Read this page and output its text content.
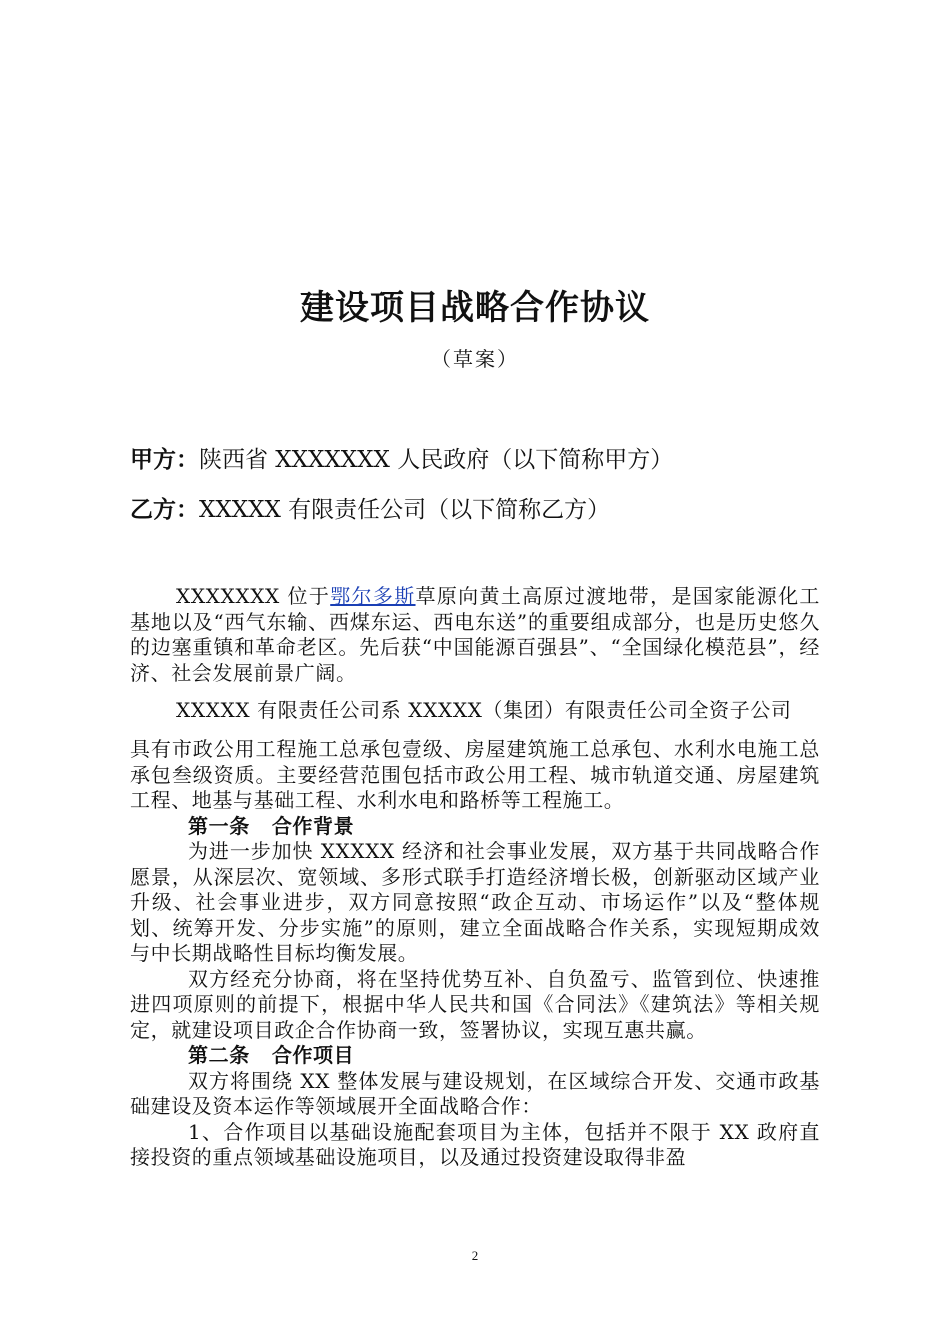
建设项目战略合作协议
（草案）
甲方：陕西省 XXXXXXX 人民政府（以下简称甲方）
乙方：XXXXX 有限责任公司（以下简称乙方）

XXXXXXX 位于鄂尔多斯草原向黄土高原过渡地带，是国家能源化工基地以及“西气东输、西煤东运、西电东送”的重要组成部分，也是历史悠久的边塞重镇和革命老区。先后获“中国能源百强县”、“全国绿化模范县”，经济、社会发展前景广阔。

XXXXX 有限责任公司系 XXXXX（集团）有限责任公司全资子公司

具有市政公用工程施工总承包壹级、房屋建筑施工总承包、水利水电施工总承包叁级资质。主要经营范围包括市政公用工程、城市轨道交通、房屋建筑工程、地基与基础工程、水利水电和路桥等工程施工。

第一条 合作背景

为进一步加快 XXXXX 经济和社会事业发展，双方基于共同战略合作愿景，从深层次、宽领域、多形式联手打造经济增长极，创新驱动区域产业升级、社会事业进步，双方同意按照“政企互动、市场运作”以及“整体规划、统筹开发、分步实施”的原则，建立全面战略合作关系，实现短期成效与中长期战略性目标均衡发展。

双方经充分协商，将在坚持优势互补、自负盈亏、监管到位、快速推进四项原则的前提下，根据中华人民共和国《合同法》《建筑法》等相关规定，就建设项目政企合作协商一致，签署协议，实现互惠共赢。

第二条 合作项目

双方将围绕 XX 整体发展与建设规划，在区域综合开发、交通市政基础建设及资本运作等领域展开全面战略合作：

1、合作项目以基础设施配套项目为主体，包括并不限于 XX 政府直接投资的重点领域基础设施项目，以及通过投资建设取得非盈

2
